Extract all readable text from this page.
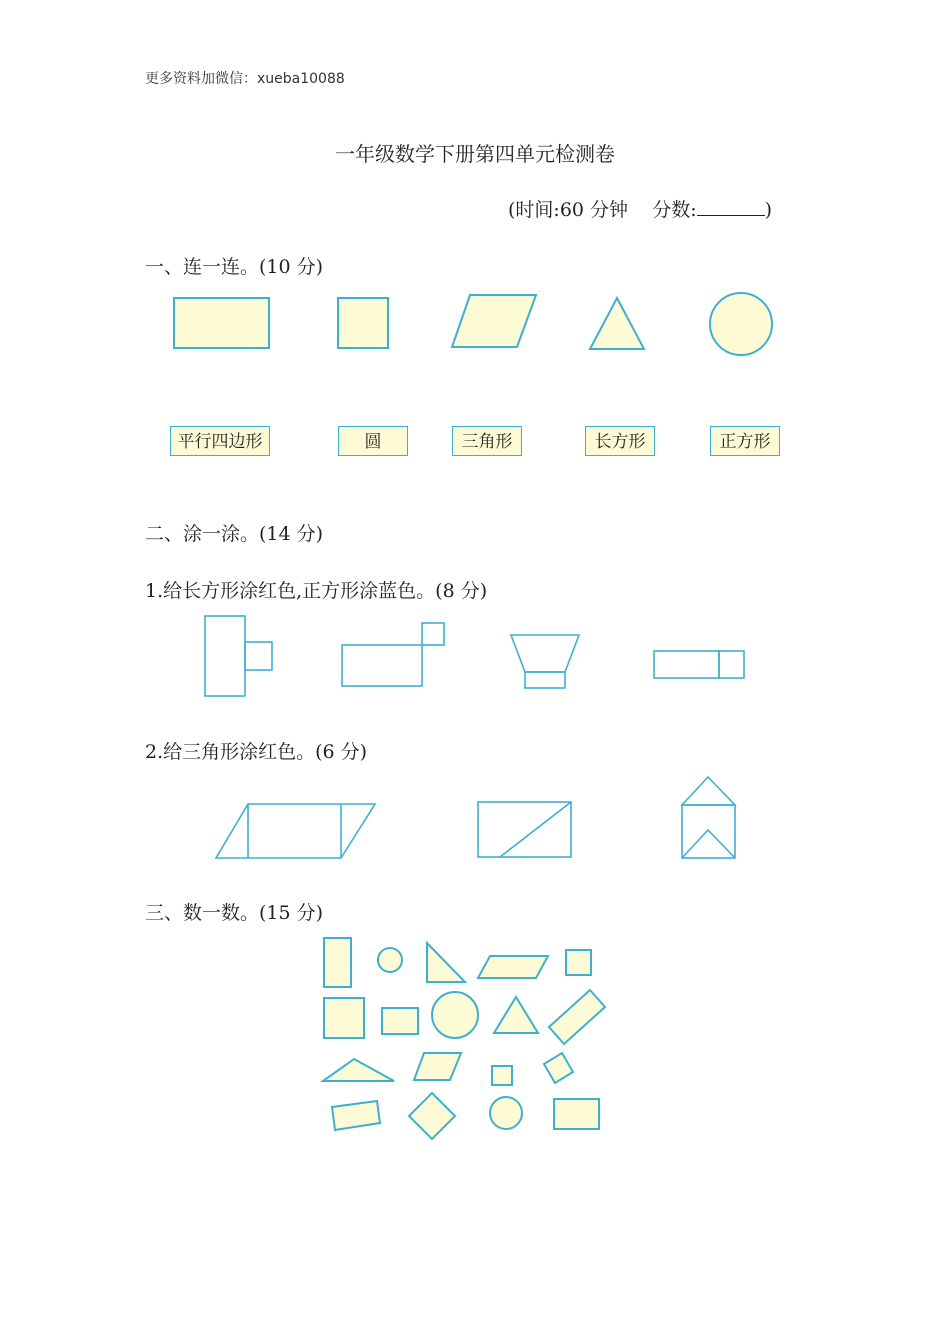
更多资料加微信：xueba10088
一年级数学下册第四单元检测卷
(时间:60 分钟 分数:	)
一、连一连。(10 分)
平行四边形	圆	三角形	长方形	正方形
二、涂一涂。(14 分)
1.给长方形涂红色,正方形涂蓝色。(8 分)
2.给三角形涂红色。(6 分)
三、数一数。(15 分)
